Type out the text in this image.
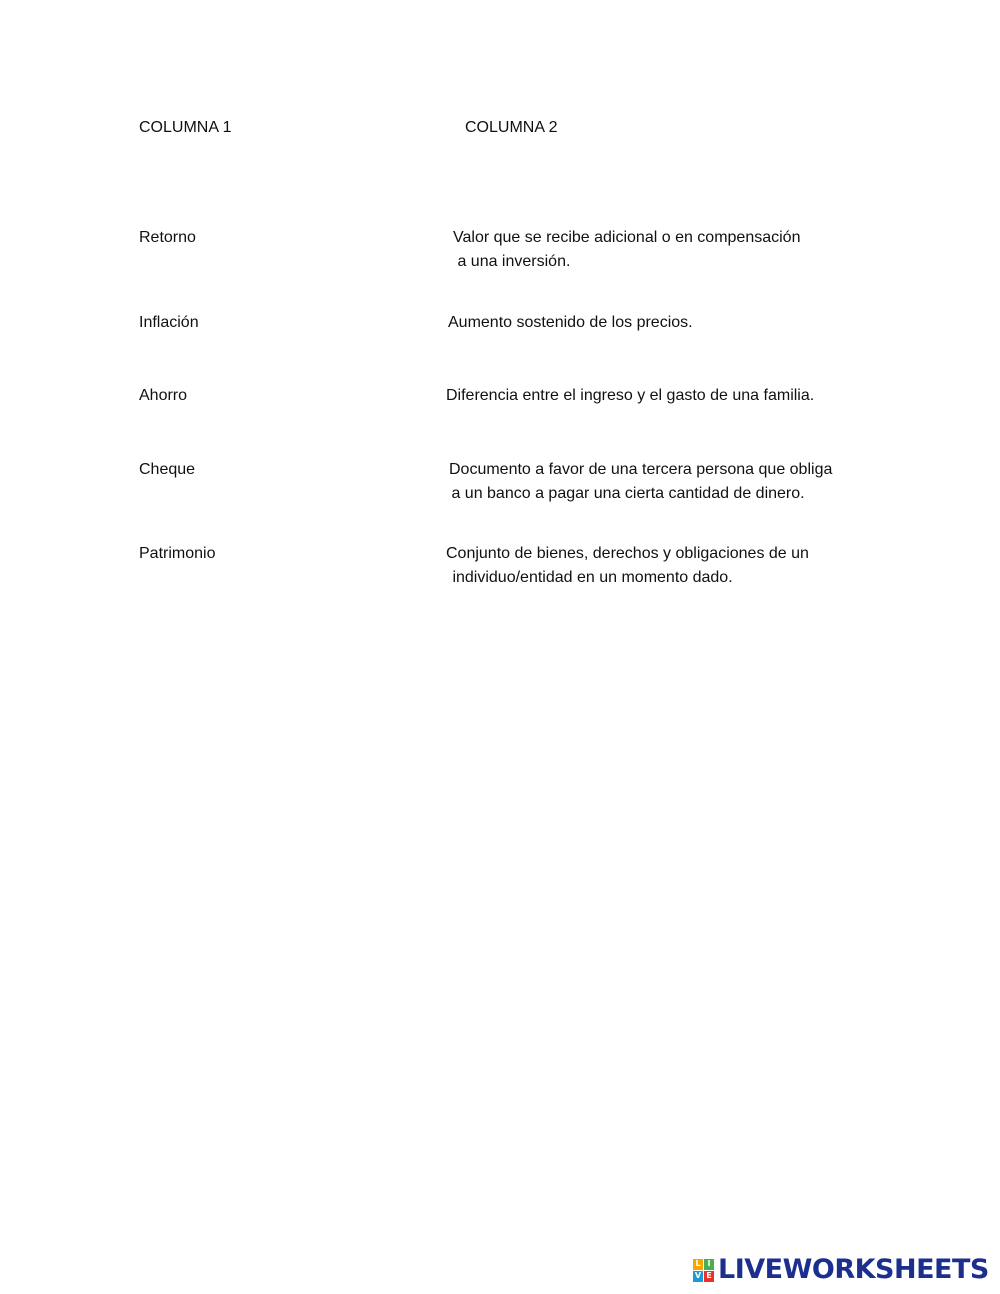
COLUMNA 1	COLUMNA 2
Retorno	Valor que se recibe adicional o en compensación
a una inversión.
Inflación	Aumento sostenido de los precios.
Ahorro	Diferencia entre el ingreso y el gasto de una familia.
Cheque	Documento a favor de una tercera persona que obliga
a un banco a pagar una cierta cantidad de dinero.
Patrimonio	Conjunto de bienes, derechos y obligaciones de un
individuo/entidad en un momento dado.
L I
V E LIVEWORKSHEETS
